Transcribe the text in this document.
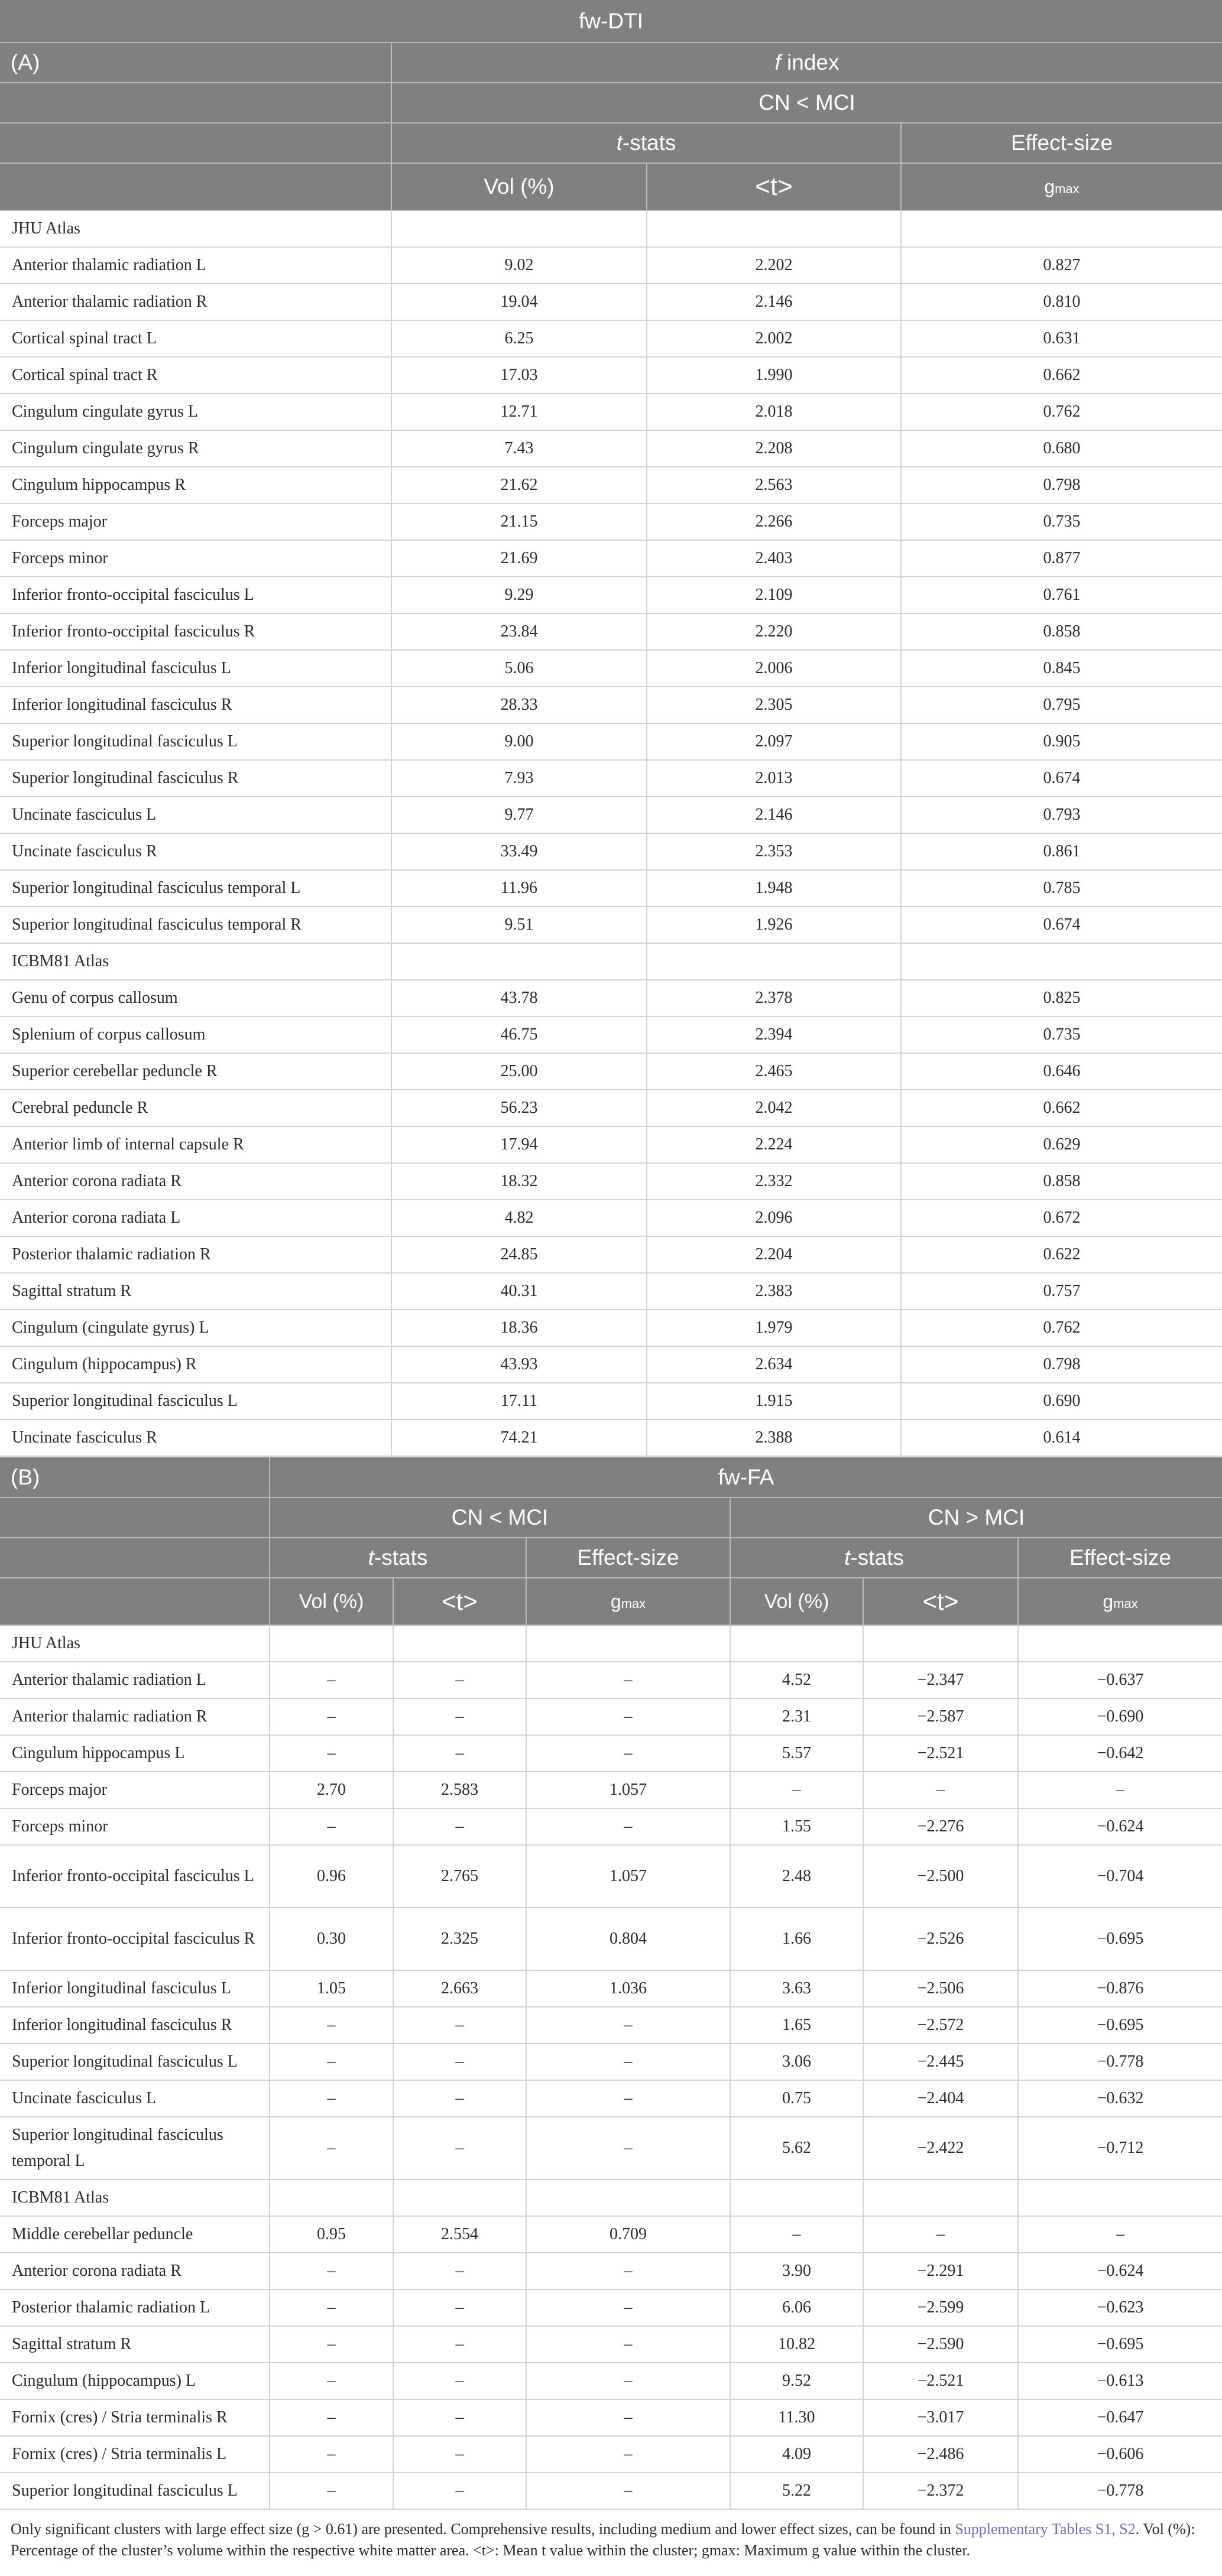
fw-DTI			
(A)	f index		
	CN < MCI		
	t-stats		Effect-size
	Vol (%)	<t>	gmax
JHU Atlas			
Anterior thalamic radiation L	9.02	2.202	0.827
Anterior thalamic radiation R	19.04	2.146	0.810
Cortical spinal tract L	6.25	2.002	0.631
Cortical spinal tract R	17.03	1.990	0.662
Cingulum cingulate gyrus L	12.71	2.018	0.762
Cingulum cingulate gyrus R	7.43	2.208	0.680
Cingulum hippocampus R	21.62	2.563	0.798
Forceps major	21.15	2.266	0.735
Forceps minor	21.69	2.403	0.877
Inferior fronto-occipital fasciculus L	9.29	2.109	0.761
Inferior fronto-occipital fasciculus R	23.84	2.220	0.858
Inferior longitudinal fasciculus L	5.06	2.006	0.845
Inferior longitudinal fasciculus R	28.33	2.305	0.795
Superior longitudinal fasciculus L	9.00	2.097	0.905
Superior longitudinal fasciculus R	7.93	2.013	0.674
Uncinate fasciculus L	9.77	2.146	0.793
Uncinate fasciculus R	33.49	2.353	0.861
Superior longitudinal fasciculus temporal L	11.96	1.948	0.785
Superior longitudinal fasciculus temporal R	9.51	1.926	0.674
ICBM81 Atlas			
Genu of corpus callosum	43.78	2.378	0.825
Splenium of corpus callosum	46.75	2.394	0.735
Superior cerebellar peduncle R	25.00	2.465	0.646
Cerebral peduncle R	56.23	2.042	0.662
Anterior limb of internal capsule R	17.94	2.224	0.629
Anterior corona radiata R	18.32	2.332	0.858
Anterior corona radiata L	4.82	2.096	0.672
Posterior thalamic radiation R	24.85	2.204	0.622
Sagittal stratum R	40.31	2.383	0.757
Cingulum (cingulate gyrus) L	18.36	1.979	0.762
Cingulum (hippocampus) R	43.93	2.634	0.798
Superior longitudinal fasciculus L	17.11	1.915	0.690
Uncinate fasciculus R	74.21	2.388	0.614
(B)	fw-FA					
	CN < MCI			CN > MCI		
	t-stats		Effect-size	t-stats		Effect-size
	Vol (%)	<t>	gmax	Vol (%)	<t>	gmax
JHU Atlas						
Anterior thalamic radiation L	–	–	–	4.52	−2.347	−0.637
Anterior thalamic radiation R	–	–	–	2.31	−2.587	−0.690
Cingulum hippocampus L	–	–	–	5.57	−2.521	−0.642
Forceps major	2.70	2.583	1.057	–	–	–
Forceps minor	–	–	–	1.55	−2.276	−0.624
Inferior fronto-occipital fasciculus L	0.96	2.765	1.057	2.48	−2.500	−0.704
Inferior fronto-occipital fasciculus R	0.30	2.325	0.804	1.66	−2.526	−0.695
Inferior longitudinal fasciculus L	1.05	2.663	1.036	3.63	−2.506	−0.876
Inferior longitudinal fasciculus R	–	–	–	1.65	−2.572	−0.695
Superior longitudinal fasciculus L	–	–	–	3.06	−2.445	−0.778
Uncinate fasciculus L	–	–	–	0.75	−2.404	−0.632
Superior longitudinal fasciculus temporal L	–	–	–	5.62	−2.422	−0.712
ICBM81 Atlas						
Middle cerebellar peduncle	0.95	2.554	0.709	–	–	–
Anterior corona radiata R	–	–	–	3.90	−2.291	−0.624
Posterior thalamic radiation L	–	–	–	6.06	−2.599	−0.623
Sagittal stratum R	–	–	–	10.82	−2.590	−0.695
Cingulum (hippocampus) L	–	–	–	9.52	−2.521	−0.613
Fornix (cres) / Stria terminalis R	–	–	–	11.30	−3.017	−0.647
Fornix (cres) / Stria terminalis L	–	–	–	4.09	−2.486	−0.606
Superior longitudinal fasciculus L	–	–	–	5.22	−2.372	−0.778
Only significant clusters with large effect size (g > 0.61) are presented. Comprehensive results, including medium and lower effect sizes, can be found in Supplementary Tables S1, S2. Vol (%): Percentage of the cluster’s volume within the respective white matter area. <t>: Mean t value within the cluster; gmax: Maximum g value within the cluster.
